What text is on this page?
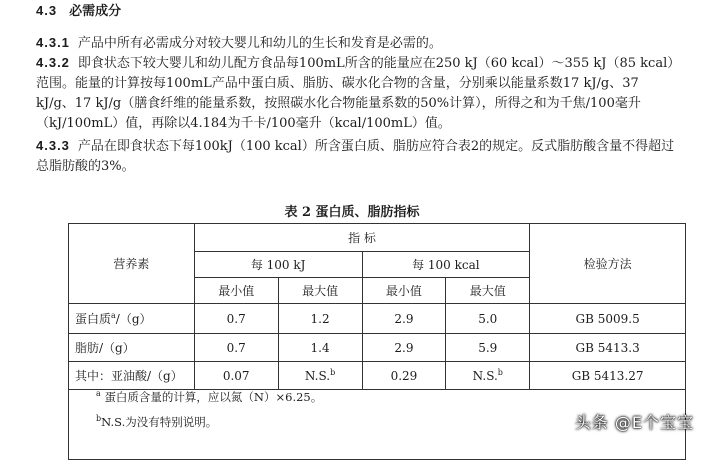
4.3 必需成分
4.3.1 产品中所有必需成分对较大婴儿和幼儿的生长和发育是必需的。
4.3.2 即食状态下较大婴儿和幼儿配方食品每100mL所含的能量应在250 kJ（60 kcal）～355 kJ（85 kcal）范围。能量的计算按每100mL产品中蛋白质、脂肪、碳水化合物的含量，分别乘以能量系数17 kJ/g、37 kJ/g、17 kJ/g（膳食纤维的能量系数，按照碳水化合物能量系数的50%计算），所得之和为千焦/100毫升（kJ/100mL）值，再除以4.184为千卡/100毫升（kcal/100mL）值。
4.3.3 产品在即食状态下每100kJ（100 kcal）所含蛋白质、脂肪应符合表2的规定。反式脂肪酸含量不得超过总脂肪酸的3%。
表 2 蛋白质、脂肪指标
营养素	指 标				检验方法
	每 100 kJ		每 100 kcal		
	最小值	最大值	最小值	最大值	
蛋白质$^a$/（g）	0.7	1.2	2.9	5.0	GB 5009.5
脂肪/（g）	0.7	1.4	2.9	5.9	GB 5413.3
其中：亚油酸/（g）	0.07	N.S.$^b$	0.29	N.S.$^b$	GB 5413.27

$^a$ 蛋白质含量的计算，应以氮（N）×6.25。
$^b$N.S.为没有特别说明。	头条 @E个宝宝
